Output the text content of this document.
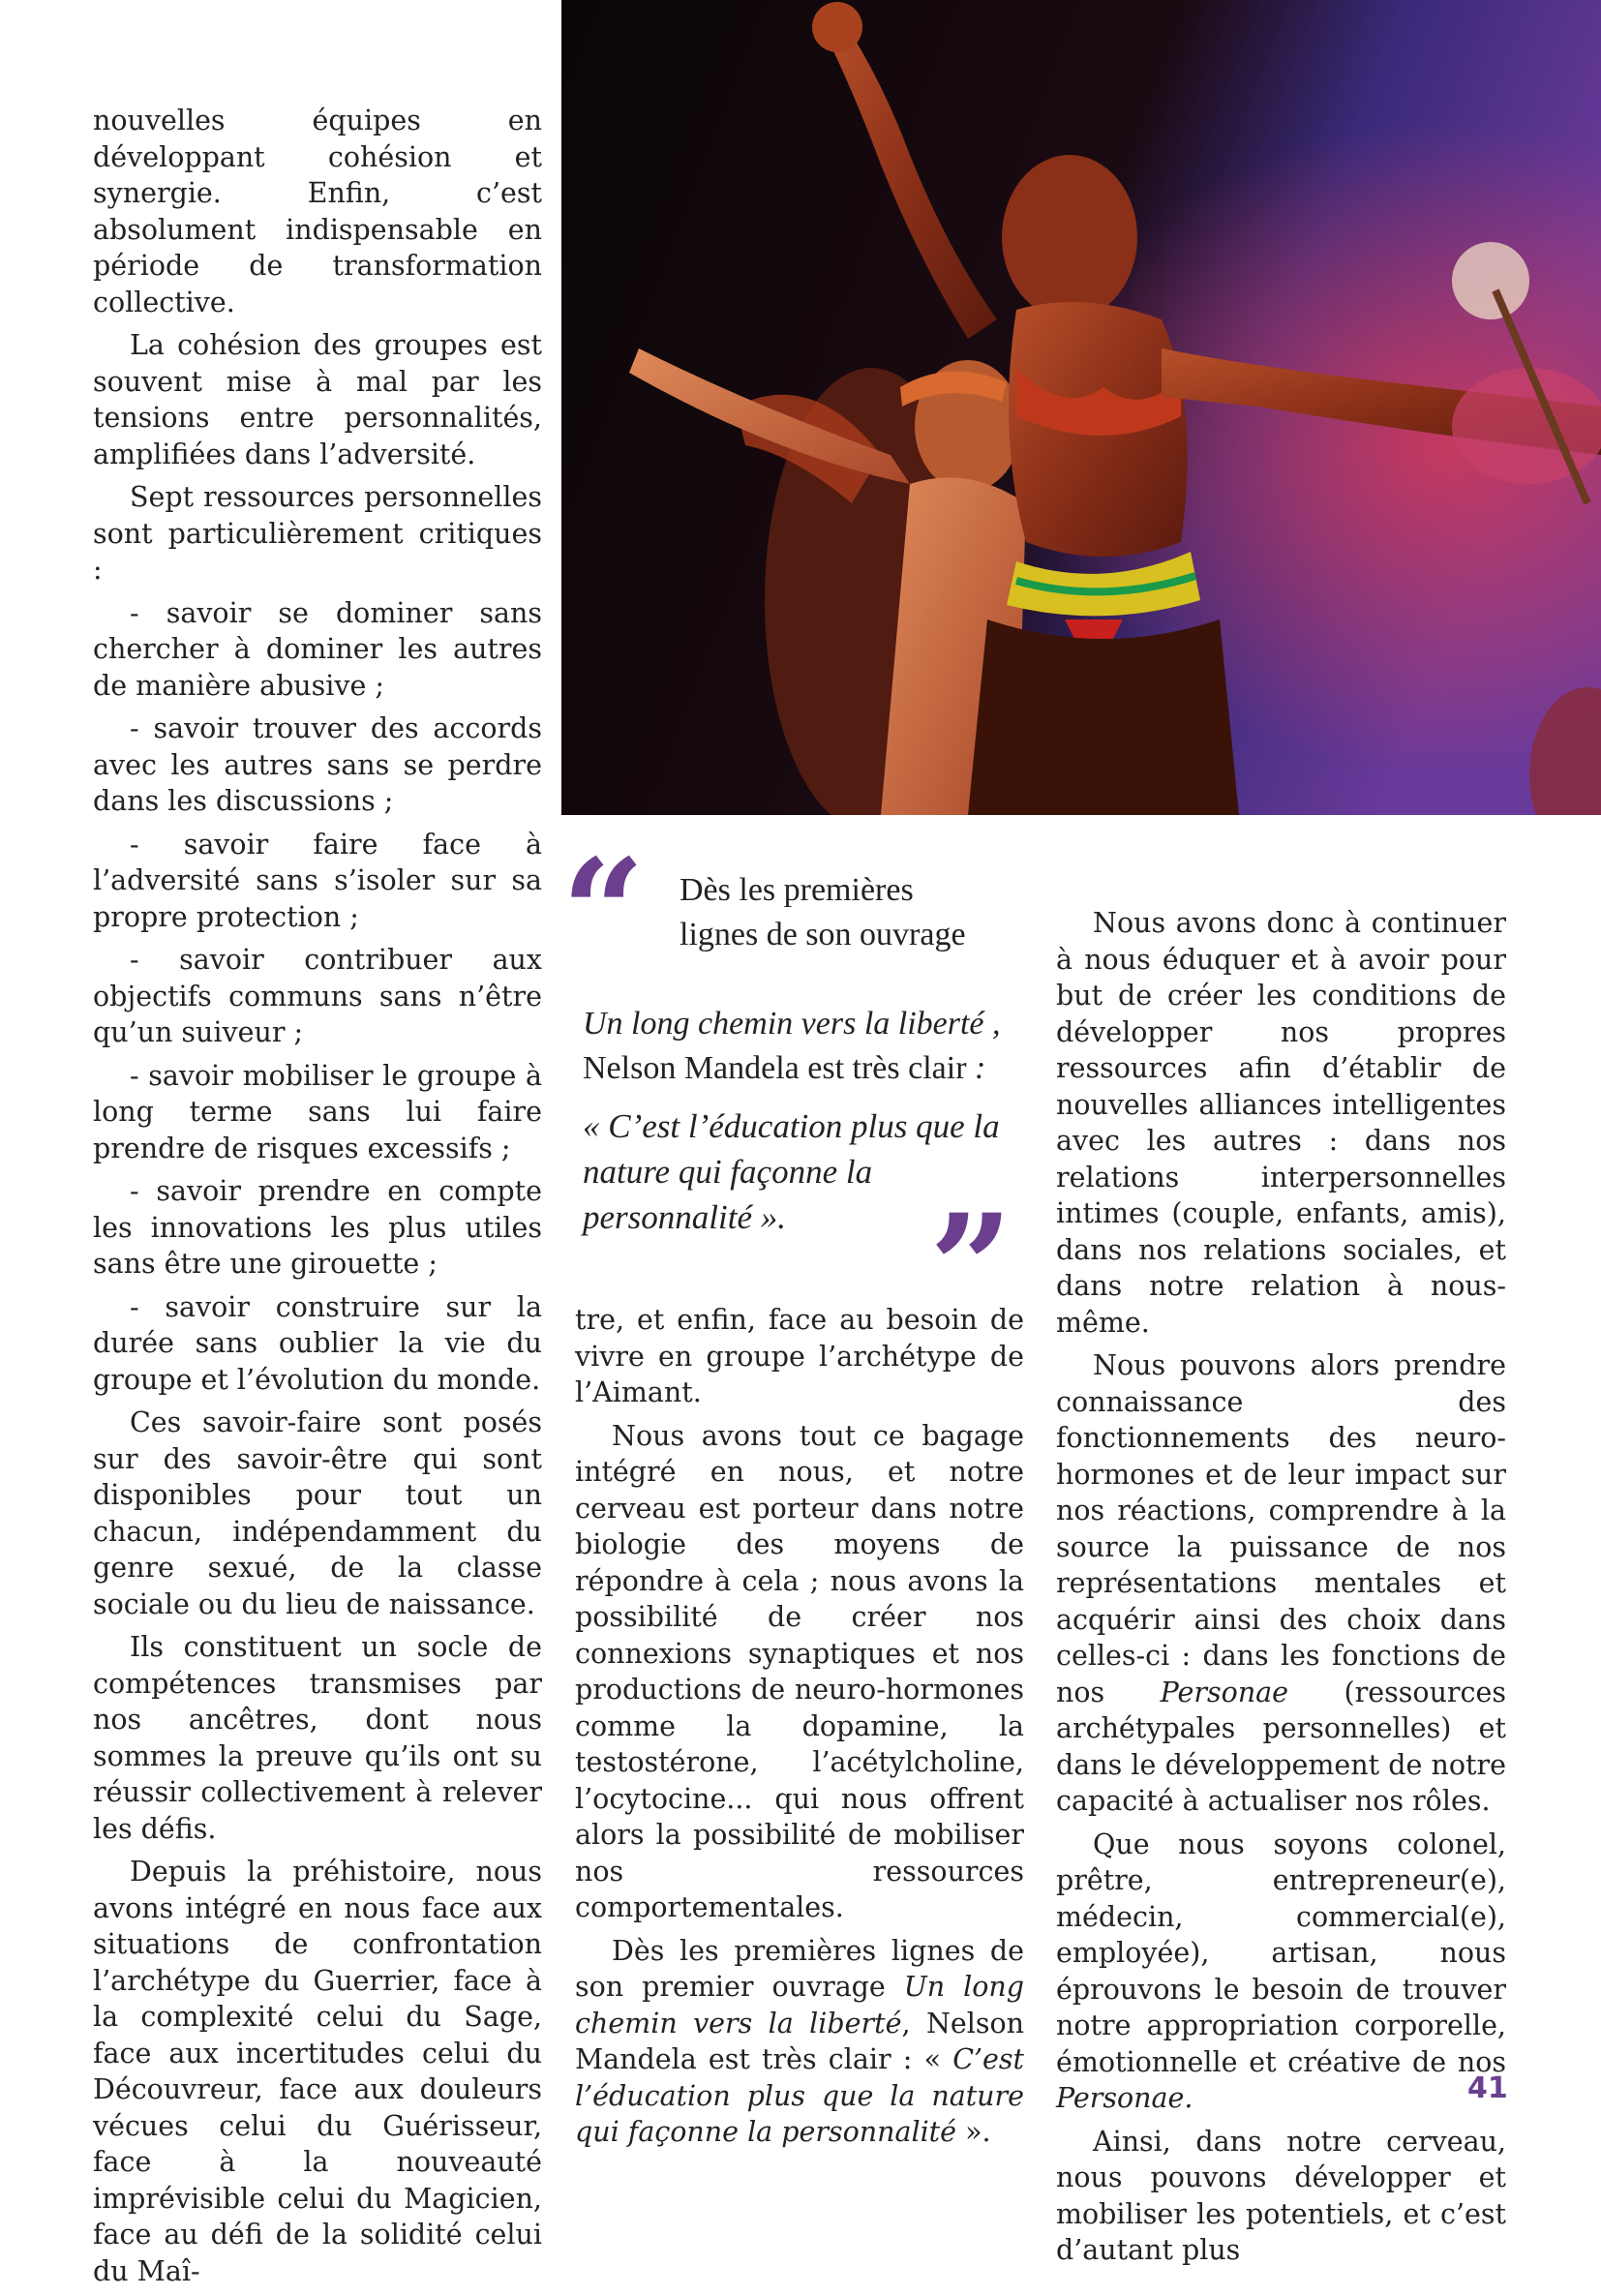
nouvelles équipes en développant cohésion et synergie. Enfin, c’est absolument indispensable en période de transformation collective.

La cohésion des groupes est souvent mise à mal par les tensions entre personnalités, amplifiées dans l’adversité.

Sept ressources personnelles sont particulièrement critiques :

- savoir se dominer sans chercher à dominer les autres de manière abusive ;

- savoir trouver des accords avec les autres sans se perdre dans les discussions ;

- savoir faire face à l’adversité sans s’isoler sur sa propre protection ;

- savoir contribuer aux objectifs communs sans n’être qu’un suiveur ;

- savoir mobiliser le groupe à long terme sans lui faire prendre de risques excessifs ;

- savoir prendre en compte les innovations les plus utiles sans être une girouette ;

- savoir construire sur la durée sans oublier la vie du groupe et l’évolution du monde.

Ces savoir-faire sont posés sur des savoir-être qui sont disponibles pour tout un chacun, indépendamment du genre sexué, de la classe sociale ou du lieu de naissance.

Ils constituent un socle de compétences transmises par nos ancêtres, dont nous sommes la preuve qu’ils ont su réussir collectivement à relever les défis.

Depuis la préhistoire, nous avons intégré en nous face aux situations de confrontation l’archétype du Guerrier, face à la complexité celui du Sage, face aux incertitudes celui du Découvreur, face aux douleurs vécues celui du Guérisseur, face à la nouveauté imprévisible celui du Magicien, face au défi de la solidité celui du Maî-

“ Dès les premières lignes de son ouvrage
Un long chemin vers la liberté , Nelson Mandela est très clair :
« C’est l’éducation plus que la nature qui façonne la personnalité ». ”

tre, et enfin, face au besoin de vivre en groupe l’archétype de l’Aimant.

Nous avons tout ce bagage intégré en nous, et notre cerveau est porteur dans notre biologie des moyens de répondre à cela ; nous avons la possibilité de créer nos connexions synaptiques et nos productions de neuro-hormones comme la dopamine, la testostérone, l’acétylcholine, l’ocytocine... qui nous offrent alors la possibilité de mobiliser nos ressources comportementales.

Dès les premières lignes de son premier ouvrage Un long chemin vers la liberté, Nelson Mandela est très clair : « C’est l’éducation plus que la nature qui façonne la personnalité ».

Nous avons donc à continuer à nous éduquer et à avoir pour but de créer les conditions de développer nos propres ressources afin d’établir de nouvelles alliances intelligentes avec les autres : dans nos relations interpersonnelles intimes (couple, enfants, amis), dans nos relations sociales, et dans notre relation à nous-même.

Nous pouvons alors prendre connaissance des fonctionnements des neuro-hormones et de leur impact sur nos réactions, comprendre à la source la puissance de nos représentations mentales et acquérir ainsi des choix dans celles-ci : dans les fonctions de nos Personae (ressources archétypales personnelles) et dans le développement de notre capacité à actualiser nos rôles.

Que nous soyons colonel, prêtre, entrepreneur(e), médecin, commercial(e), employée), artisan, nous éprouvons le besoin de trouver notre appropriation corporelle, émotionnelle et créative de nos Personae.

Ainsi, dans notre cerveau, nous pouvons développer et mobiliser les potentiels, et c’est d’autant plus

41
